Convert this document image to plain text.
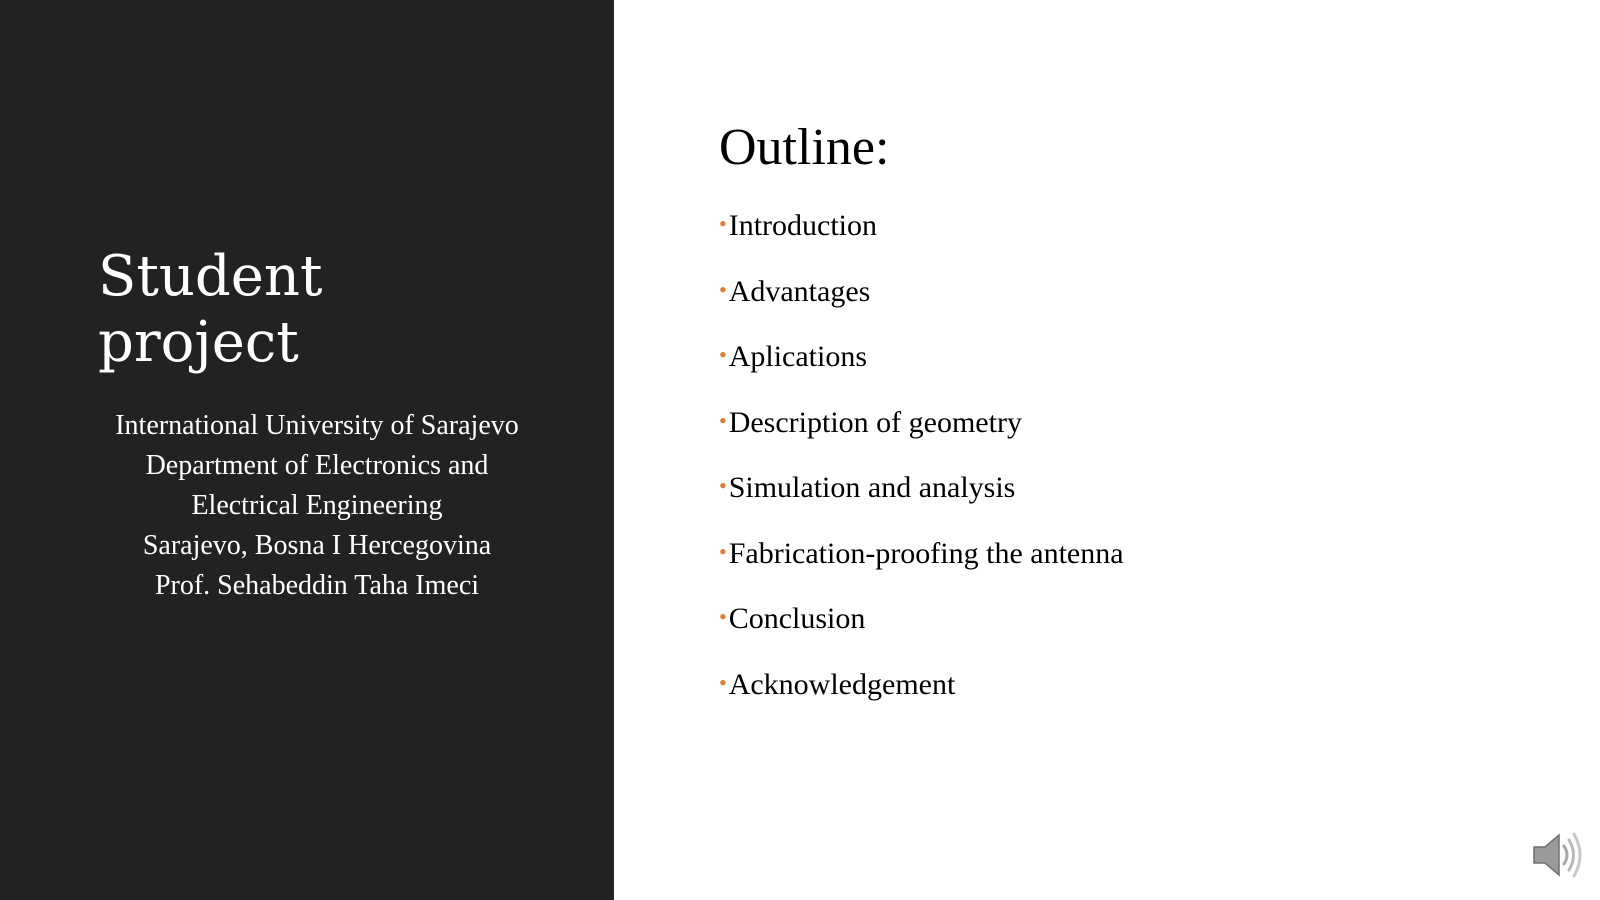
Student
project
International University of Sarajevo
Department of Electronics and
Electrical Engineering
Sarajevo, Bosna I Hercegovina
Prof. Sehabeddin Taha Imeci
Outline:
•Introduction
•Advantages
•Aplications
•Description of geometry
•Simulation and analysis
•Fabrication-proofing the antenna
•Conclusion
•Acknowledgement
